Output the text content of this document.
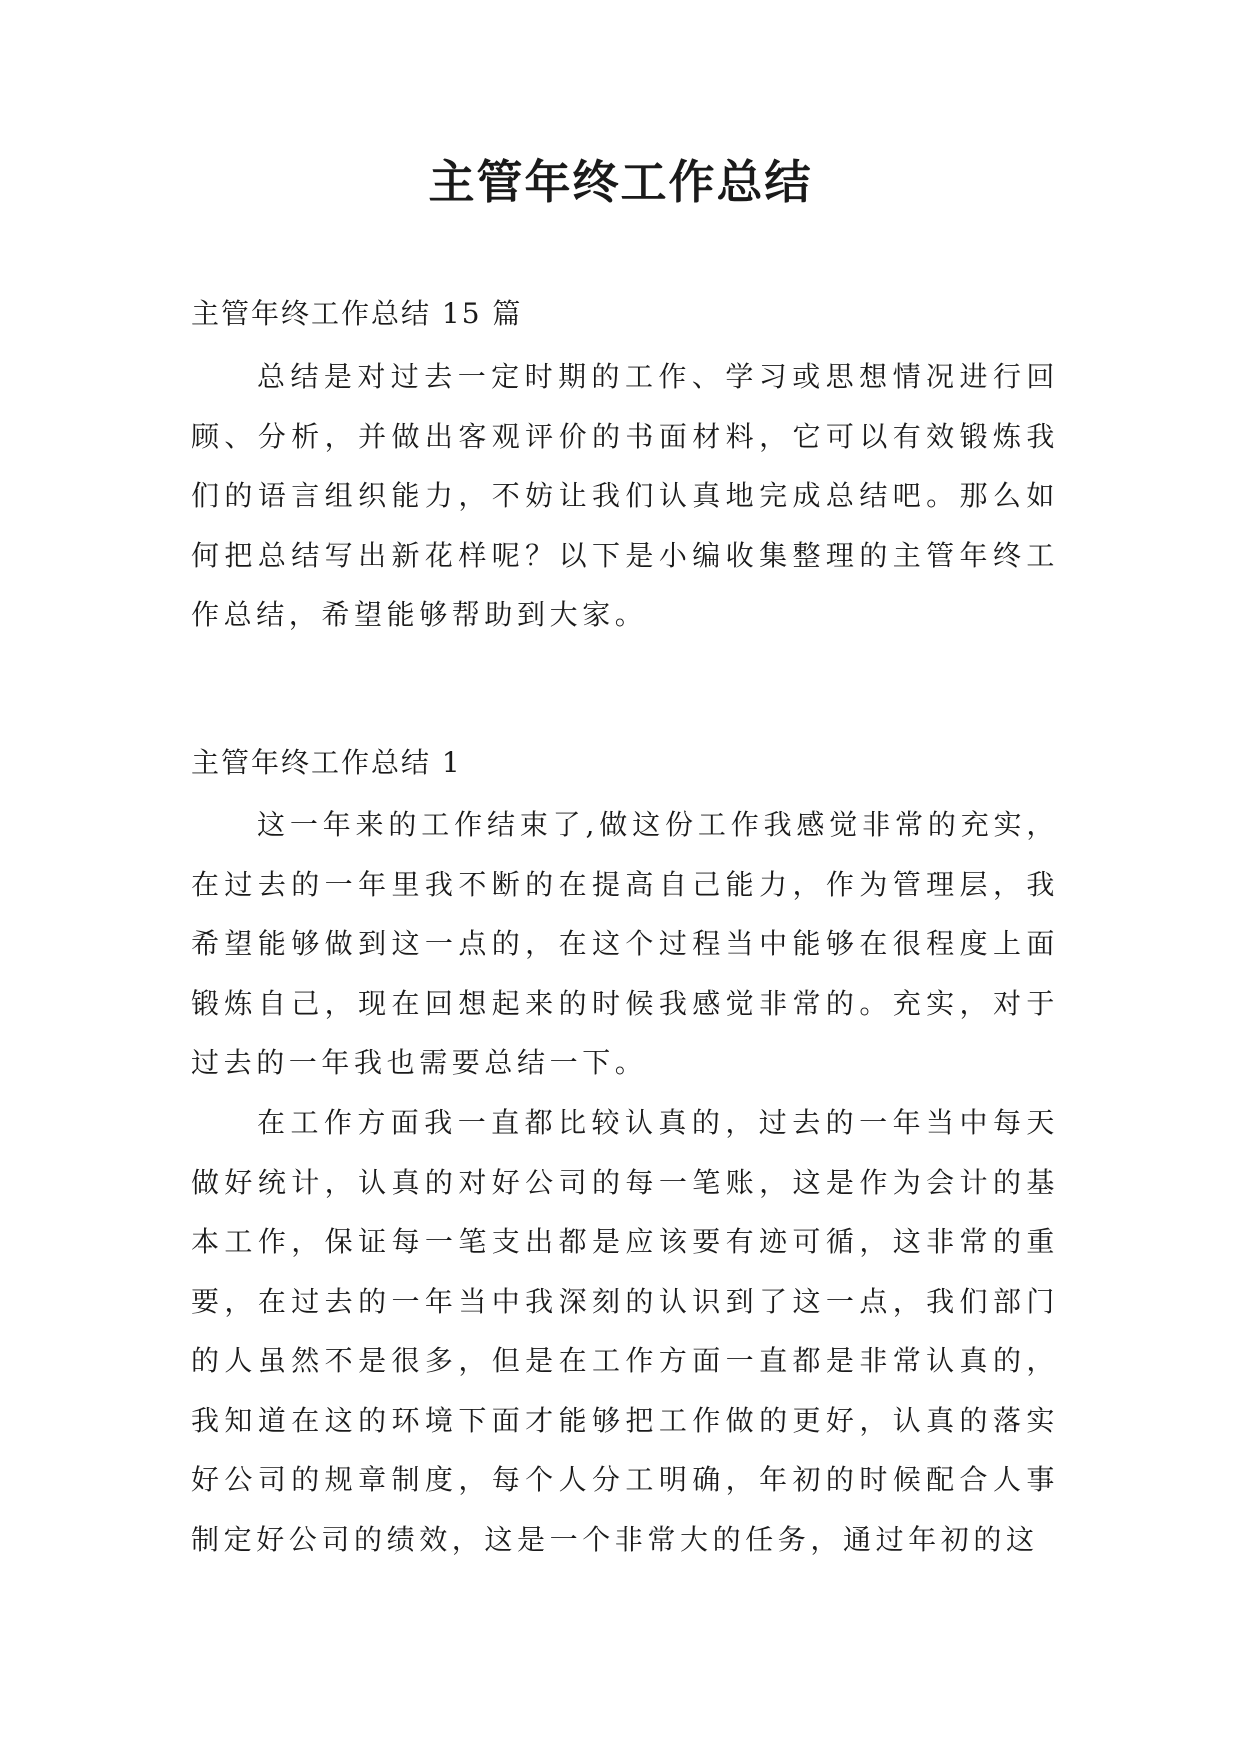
主管年终工作总结
主管年终工作总结 15 篇

总结是对过去一定时期的工作、学习或思想情况进行回顾、分析，并做出客观评价的书面材料，它可以有效锻炼我们的语言组织能力，不妨让我们认真地完成总结吧。那么如何把总结写出新花样呢？以下是小编收集整理的主管年终工作总结，希望能够帮助到大家。

主管年终工作总结 1

这一年来的工作结束了,做这份工作我感觉非常的充实，在过去的一年里我不断的在提高自己能力，作为管理层，我希望能够做到这一点的，在这个过程当中能够在很程度上面锻炼自己，现在回想起来的时候我感觉非常的。充实，对于过去的一年我也需要总结一下。

在工作方面我一直都比较认真的，过去的一年当中每天做好统计，认真的对好公司的每一笔账，这是作为会计的基本工作，保证每一笔支出都是应该要有迹可循，这非常的重要，在过去的一年当中我深刻的认识到了这一点，我们部门的人虽然不是很多，但是在工作方面一直都是非常认真的，我知道在这的环境下面才能够把工作做的更好，认真的落实好公司的规章制度，每个人分工明确，年初的时候配合人事制定好公司的绩效，这是一个非常大的任务，通过年初的这
